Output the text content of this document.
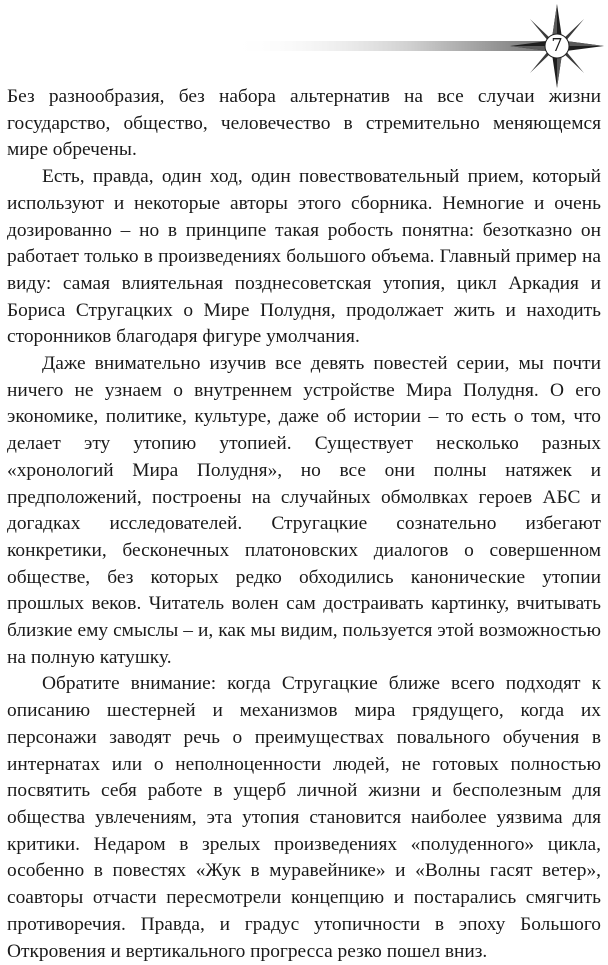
7

Без разнообразия, без набора альтернатив на все случаи жизни государство, общество, человечество в стремительно меняющемся мире обречены.

Есть, правда, один ход, один повествовательный прием, который используют и некоторые авторы этого сборника. Немногие и очень дозированно – но в принципе такая робость понятна: безотказно он работает только в произведениях большого объема. Главный пример на виду: самая влиятельная позднесоветская утопия, цикл Аркадия и Бориса Стругацких о Мире Полудня, продолжает жить и находить сторонников благодаря фигуре умолчания.

Даже внимательно изучив все девять повестей серии, мы почти ничего не узнаем о внутреннем устройстве Мира Полудня. О его экономике, политике, культуре, даже об истории – то есть о том, что делает эту утопию утопией. Существует несколько разных «хронологий Мира Полудня», но все они полны натяжек и предположений, построены на случайных обмолвках героев АБС и догадках исследователей. Стругацкие сознательно избегают конкретики, бесконечных платоновских диалогов о совершенном обществе, без которых редко обходились канонические утопии прошлых веков. Читатель волен сам достраивать картинку, вчитывать близкие ему смыслы – и, как мы видим, пользуется этой возможностью на полную катушку.

Обратите внимание: когда Стругацкие ближе всего подходят к описанию шестерней и механизмов мира грядущего, когда их персонажи заводят речь о преимуществах повального обучения в интернатах или о неполноценности людей, не готовых полностью посвятить себя работе в ущерб личной жизни и бесполезным для общества увлечениям, эта утопия становится наиболее уязвима для критики. Недаром в зрелых произведениях «полуденного» цикла, особенно в повестях «Жук в муравейнике» и «Волны гасят ветер», соавторы отчасти пересмотрели концепцию и постарались смягчить противоречия. Правда, и градус утопичности в эпоху Большого Откровения и вертикального прогресса резко пошел вниз.
